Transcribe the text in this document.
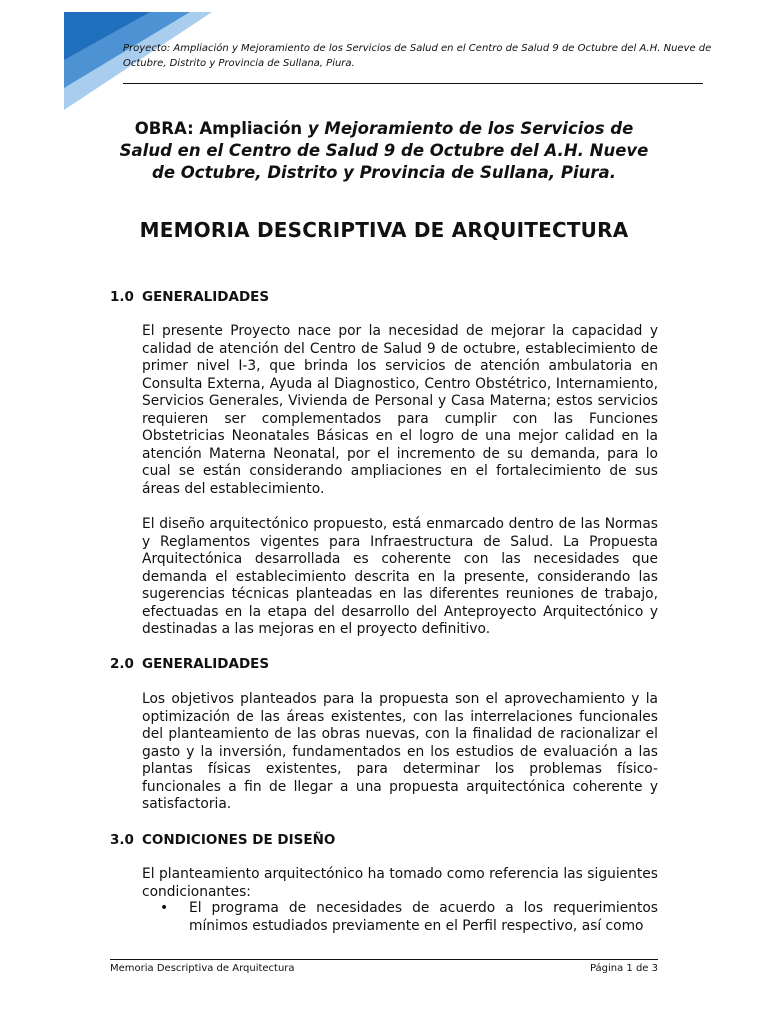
Proyecto: Ampliación y Mejoramiento de los Servicios de Salud en el Centro de Salud 9 de Octubre del A.H. Nueve de Octubre, Distrito y Provincia de Sullana, Piura.
OBRA: Ampliación y Mejoramiento de los Servicios de Salud en el Centro de Salud 9 de Octubre del A.H. Nueve de Octubre, Distrito y Provincia de Sullana, Piura.
MEMORIA DESCRIPTIVA DE ARQUITECTURA
1.0 GENERALIDADES
El presente Proyecto nace por la necesidad de mejorar la capacidad y calidad de atención del Centro de Salud 9 de octubre, establecimiento de primer nivel I-3, que brinda los servicios de atención ambulatoria en Consulta Externa, Ayuda al Diagnostico, Centro Obstétrico, Internamiento, Servicios Generales, Vivienda de Personal y Casa Materna; estos servicios requieren ser complementados para cumplir con las Funciones Obstetricias Neonatales Básicas en el logro de una mejor calidad en la atención Materna Neonatal, por el incremento de su demanda, para lo cual se están considerando ampliaciones en el fortalecimiento de sus áreas del establecimiento.
El diseño arquitectónico propuesto, está enmarcado dentro de las Normas y Reglamentos vigentes para Infraestructura de Salud. La Propuesta Arquitectónica desarrollada es coherente con las necesidades que demanda el establecimiento descrita en la presente, considerando las sugerencias técnicas planteadas en las diferentes reuniones de trabajo, efectuadas en la etapa del desarrollo del Anteproyecto Arquitectónico y destinadas a las mejoras en el proyecto definitivo.
2.0 GENERALIDADES
Los objetivos planteados para la propuesta son el aprovechamiento y la optimización de las áreas existentes, con las interrelaciones funcionales del planteamiento de las obras nuevas, con la finalidad de racionalizar el gasto y la inversión, fundamentados en los estudios de evaluación a las plantas físicas existentes, para determinar los problemas físico-funcionales a fin de llegar a una propuesta arquitectónica coherente y satisfactoria.
3.0 CONDICIONES DE DISEÑO
El planteamiento arquitectónico ha tomado como referencia las siguientes condicionantes:
•	El programa de necesidades de acuerdo a los requerimientos mínimos estudiados previamente en el Perfil respectivo, así como
Memoria Descriptiva de Arquitectura	Página 1 de 3
